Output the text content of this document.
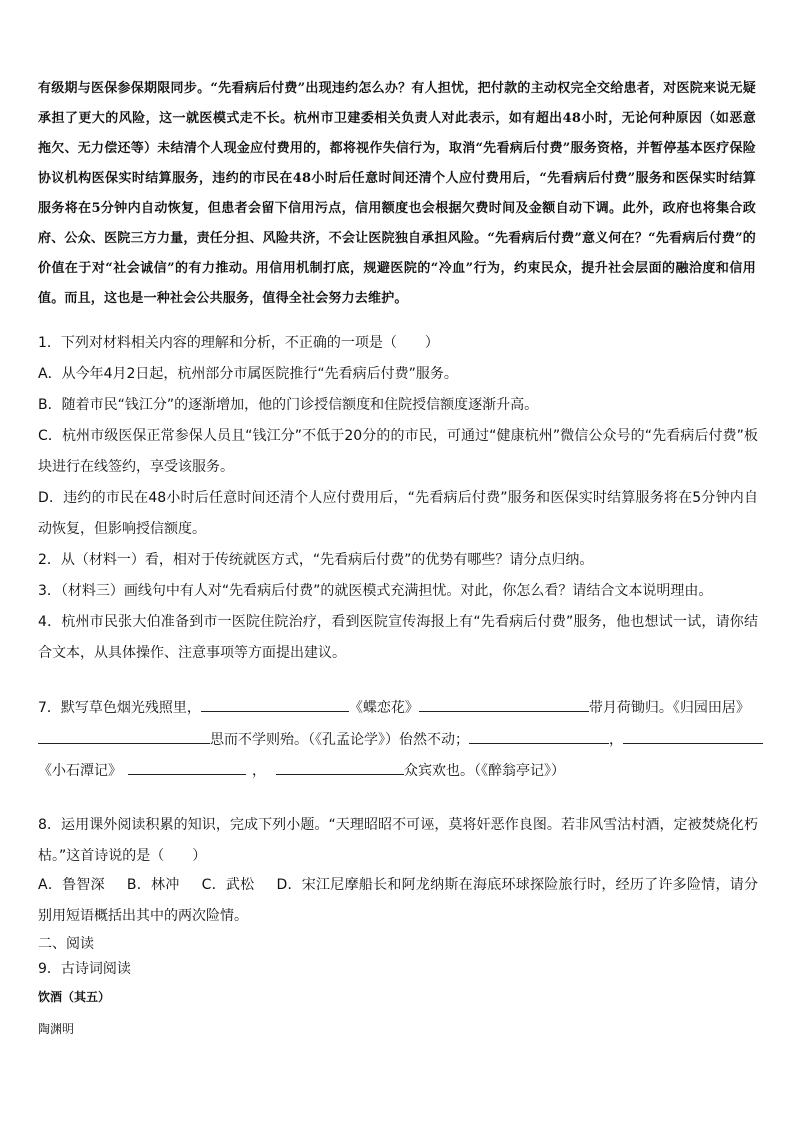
有级期与医保参保期限同步。“先看病后付费”出现违约怎么办？有人担忧，把付款的主动权完全交给患者，对医院来说无疑承担了更大的风险，这一就医模式走不长。杭州市卫建委相关负责人对此表示，如有超出48小时，无论何种原因（如恶意拖欠、无力偿还等）未结清个人现金应付费用的，都将视作失信行为，取消“先看病后付费”服务资格，并暂停基本医疗保险协议机构医保实时结算服务，违约的市民在48小时后任意时间还清个人应付费用后，“先看病后付费”服务和医保实时结算服务将在5分钟内自动恢复，但患者会留下信用污点，信用额度也会根据欠费时间及金额自动下调。此外，政府也将集合政府、公众、医院三方力量，责任分担、风险共济，不会让医院独自承担风险。“先看病后付费”意义何在？“先看病后付费”的价值在于对“社会诚信”的有力推动。用信用机制打底，规避医院的“冷血”行为，约束民众，提升社会层面的融洽度和信用值。而且，这也是一种社会公共服务，值得全社会努力去维护。
1．下列对材料相关内容的理解和分析，不正确的一项是（　　）
A．从今年4月2日起，杭州部分市属医院推行“先看病后付费”服务。
B．随着市民“钱江分”的逐渐增加，他的门诊授信额度和住院授信额度逐渐升高。
C．杭州市级医保正常参保人员且“钱江分”不低于20分的的市民，可通过“健康杭州”微信公众号的“先看病后付费”板块进行在线签约，享受该服务。
D．违约的市民在48小时后任意时间还清个人应付费用后，“先看病后付费”服务和医保实时结算服务将在5分钟内自动恢复，但影响授信额度。
2．从（材料一）看，相对于传统就医方式，“先看病后付费”的优势有哪些？请分点归纳。
3．（材料三）画线句中有人对“先看病后付费”的就医模式充满担忧。对此，你怎么看？请结合文本说明理由。
4．杭州市民张大伯准备到市一医院住院治疗，看到医院宣传海报上有“先看病后付费”服务，他也想试一试，请你结合文本，从具体操作、注意事项等方面提出建议。
7．默写草色烟光残照里，	《蝶恋花》	带月荷锄归。《归园田居》
思而不学则殆。（《孔孟论学》）佁然不动；	，
《小石潭记》	，	众宾欢也。（《醉翁亭记》）
8．运用课外阅读积累的知识，完成下列小题。“天理昭昭不可诬，莫将奸恶作良图。若非风雪沽村酒，定被焚烧化朽枯。”这首诗说的是（　　）
A．鲁智深 B．林冲 C．武松 D．宋江尼摩船长和阿龙纳斯在海底环球探险旅行时，经历了许多险情，请分别用短语概括出其中的两次险情。
二、阅读
9．古诗词阅读
饮酒（其五）
陶渊明
